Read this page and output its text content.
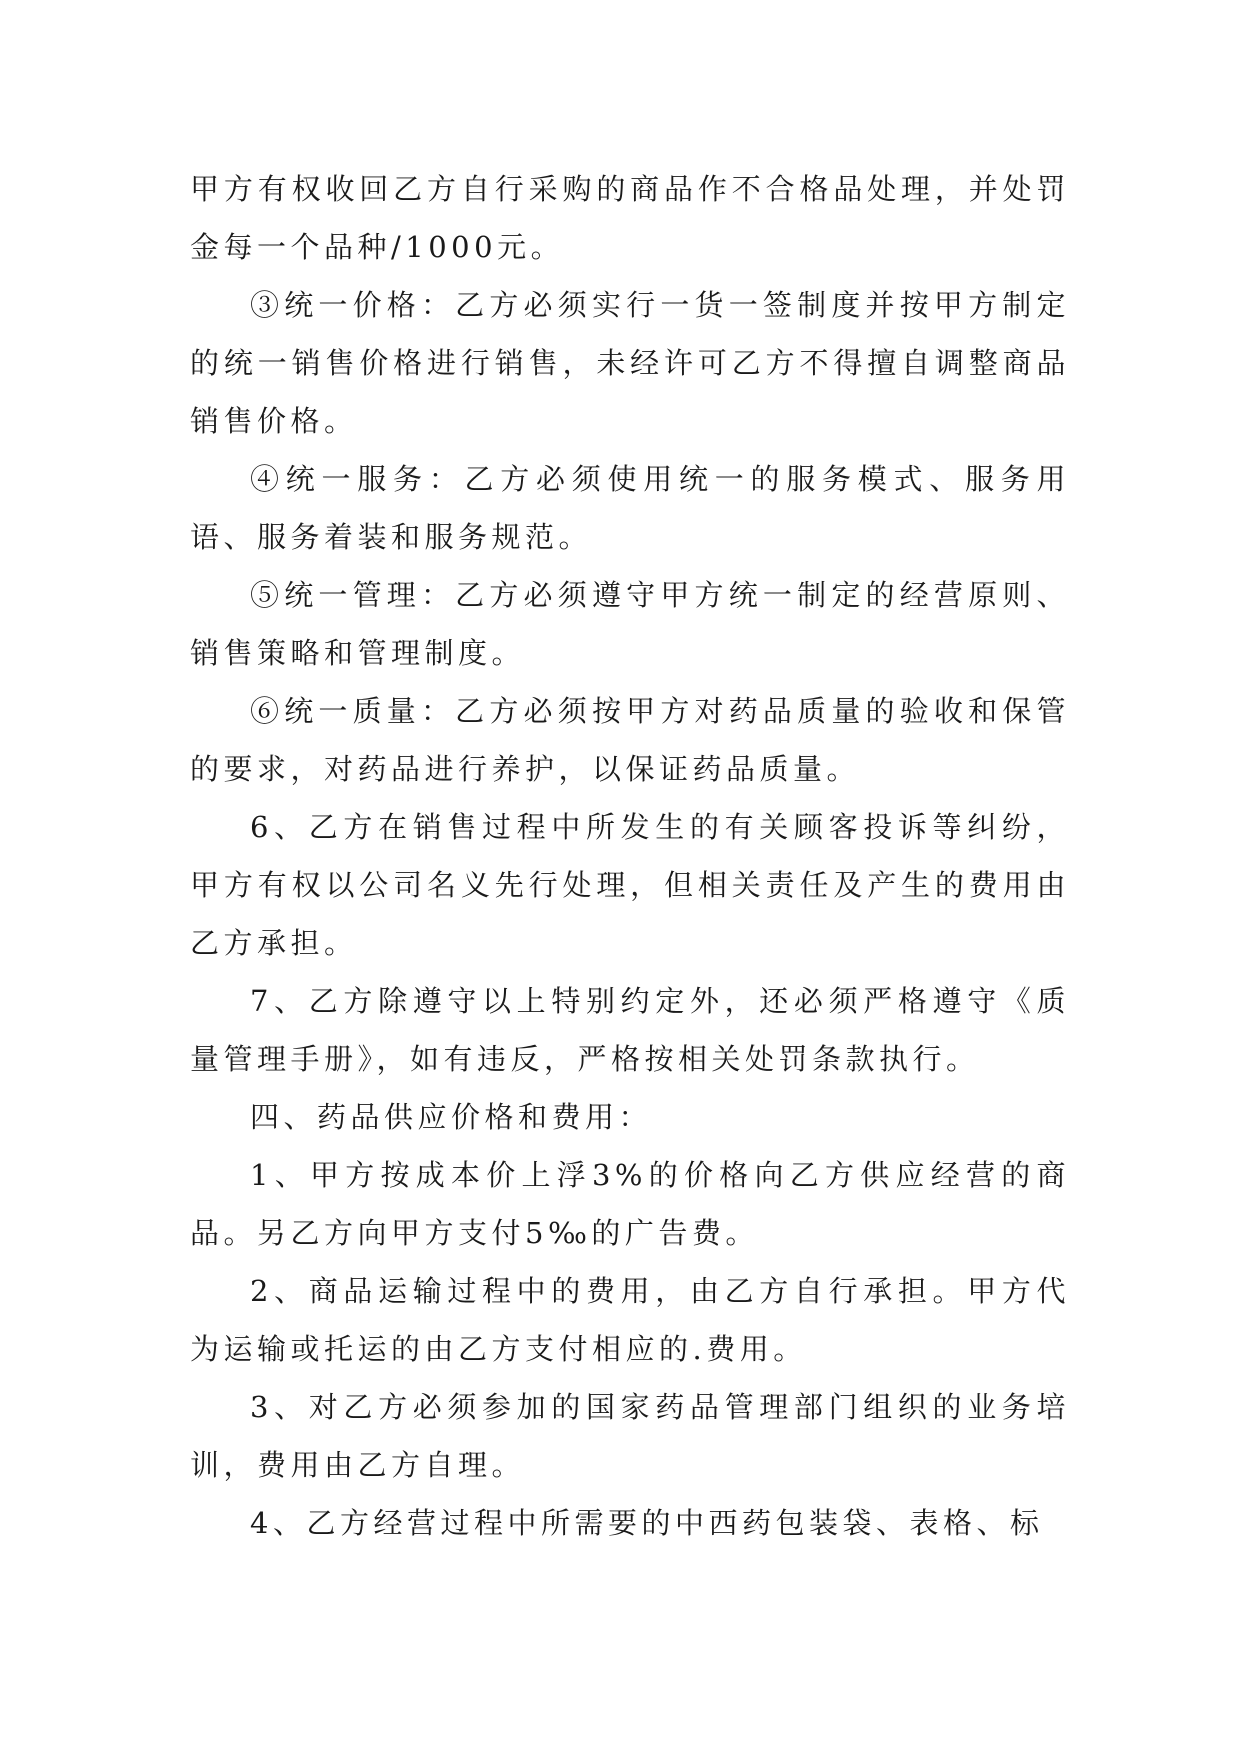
甲方有权收回乙方自行采购的商品作不合格品处理，并处罚金每一个品种/1000元。

③统一价格：乙方必须实行一货一签制度并按甲方制定的统一销售价格进行销售，未经许可乙方不得擅自调整商品销售价格。

④统一服务：乙方必须使用统一的服务模式、服务用语、服务着装和服务规范。

⑤统一管理：乙方必须遵守甲方统一制定的经营原则、销售策略和管理制度。

⑥统一质量：乙方必须按甲方对药品质量的验收和保管的要求，对药品进行养护，以保证药品质量。

6、乙方在销售过程中所发生的有关顾客投诉等纠纷，甲方有权以公司名义先行处理，但相关责任及产生的费用由乙方承担。

7、乙方除遵守以上特别约定外，还必须严格遵守《质量管理手册》，如有违反，严格按相关处罚条款执行。

四、药品供应价格和费用：

1、甲方按成本价上浮3%的价格向乙方供应经营的商品。另乙方向甲方支付5‰的广告费。

2、商品运输过程中的费用，由乙方自行承担。甲方代为运输或托运的由乙方支付相应的.费用。

3、对乙方必须参加的国家药品管理部门组织的业务培训，费用由乙方自理。

4、乙方经营过程中所需要的中西药包装袋、表格、标
